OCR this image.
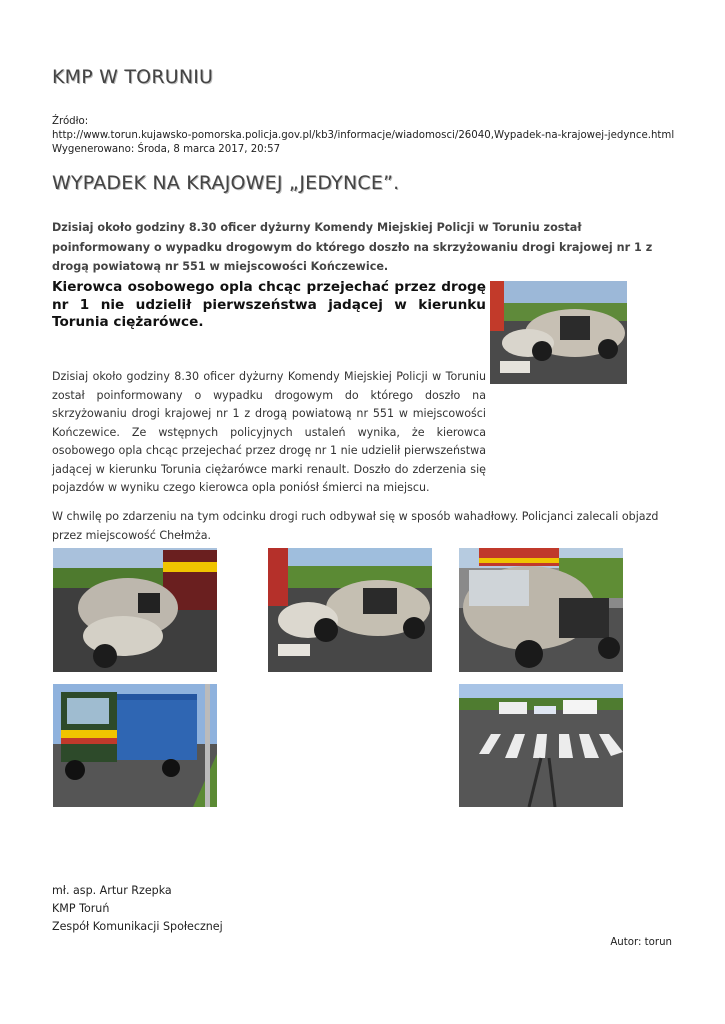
KMP W TORUNIU
Źródło:
http://www.torun.kujawsko-pomorska.policja.gov.pl/kb3/informacje/wiadomosci/26040,Wypadek-na-krajowej-jedynce.html
Wygenerowano: Środa, 8 marca 2017, 20:57
WYPADEK NA KRAJOWEJ „JEDYNCE”.
Dzisiaj około godziny 8.30 oficer dyżurny Komendy Miejskiej Policji w Toruniu został poinformowany o wypadku drogowym do którego doszło na skrzyżowaniu drogi krajowej nr 1 z drogą powiatową nr 551 w miejscowości Kończewice.
Kierowca osobowego opla chcąc przejechać przez drogę nr 1 nie udzielił pierwszeństwa jadącej w kierunku Torunia ciężarówce.
Dzisiaj około godziny 8.30 oficer dyżurny Komendy Miejskiej Policji w Toruniu został poinformowany o wypadku drogowym do którego doszło na skrzyżowaniu drogi krajowej nr 1 z drogą powiatową nr 551 w miejscowości Kończewice. Ze wstępnych policyjnych ustaleń wynika, że kierowca osobowego opla chcąc przejechać przez drogę nr 1 nie udzielił pierwszeństwa jadącej w kierunku Torunia ciężarówce marki renault. Doszło do zderzenia się pojazdów w wyniku czego kierowca opla poniósł śmierci na miejscu.
W chwilę po zdarzeniu na tym odcinku drogi ruch odbywał się w sposób wahadłowy. Policjanci zalecali objazd przez miejscowość Chełmża.
mł. asp. Artur Rzepka
KMP Toruń
Zespół Komunikacji Społecznej
Autor: torun
